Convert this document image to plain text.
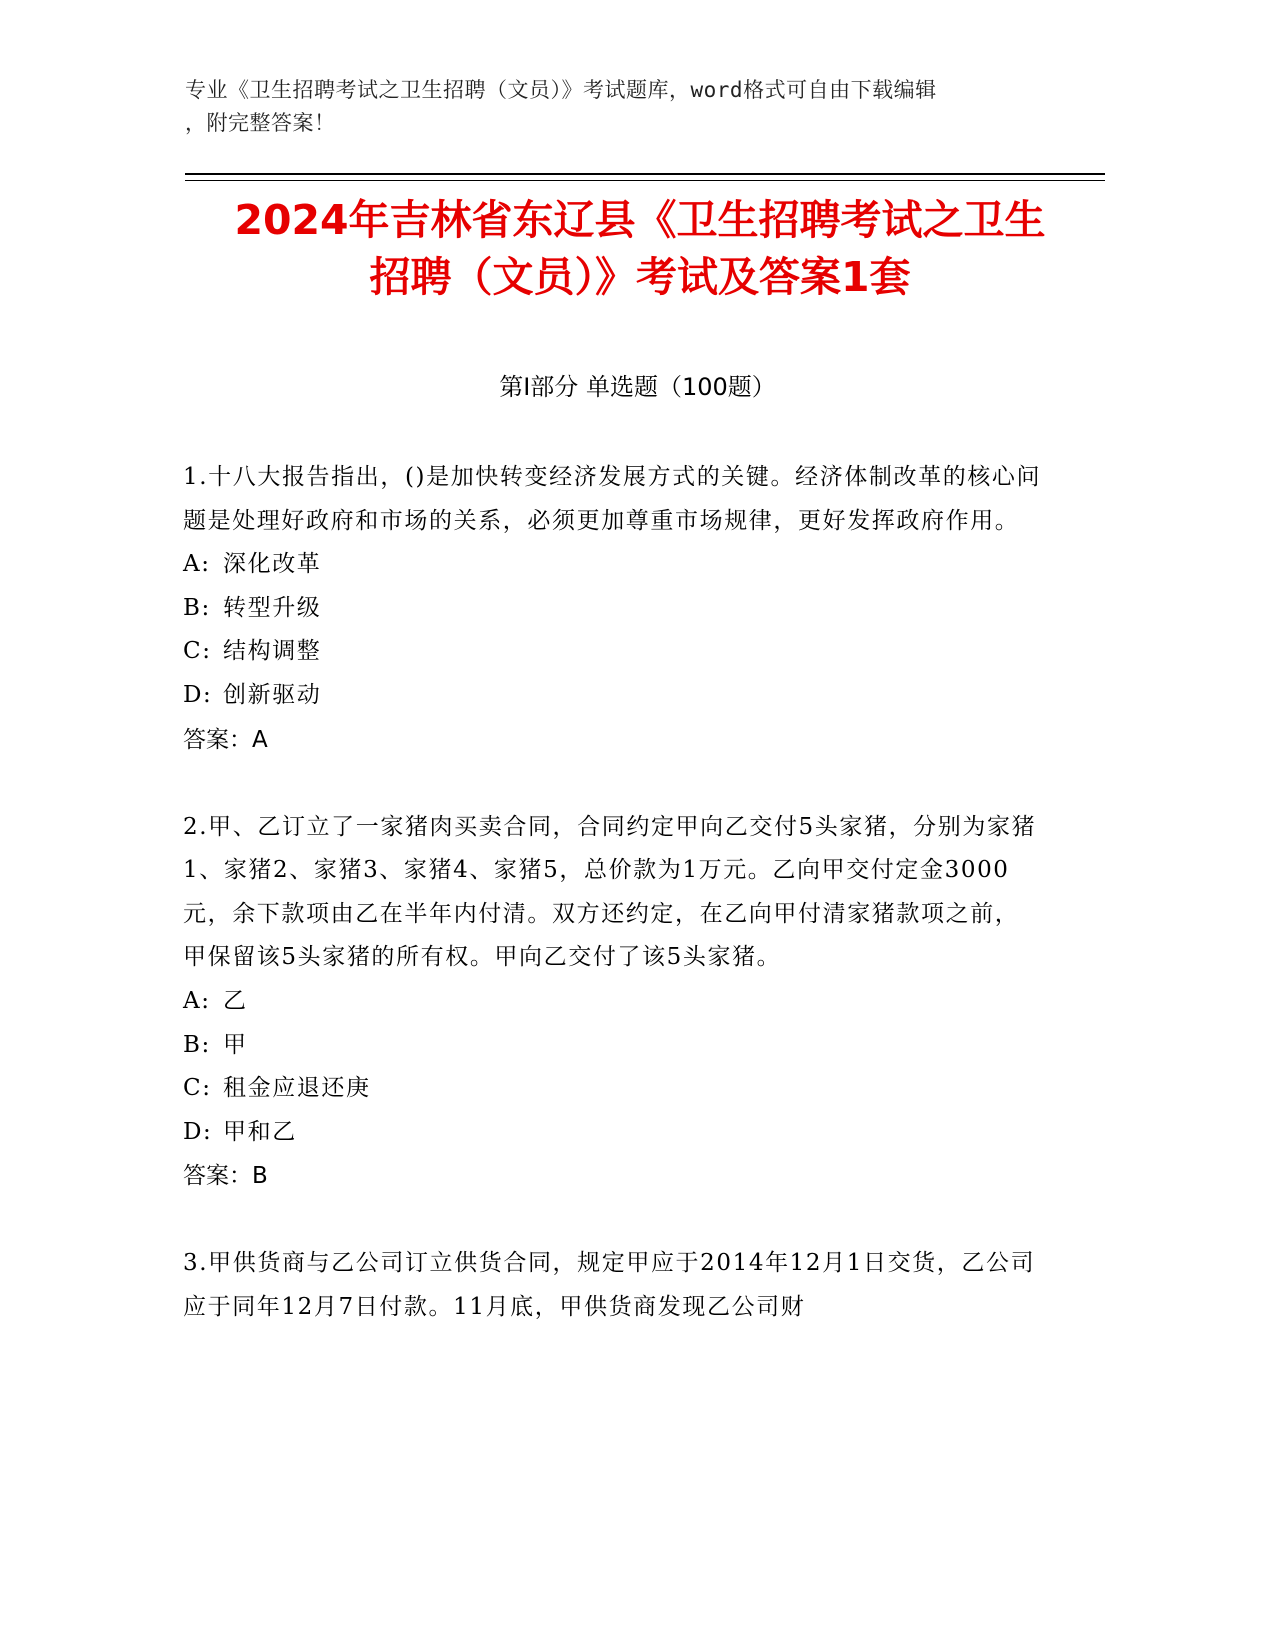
专业《卫生招聘考试之卫生招聘（文员）》考试题库，word格式可自由下载编辑
，附完整答案！
2024年吉林省东辽县《卫生招聘考试之卫生
招聘（文员）》考试及答案1套
第Ⅰ部分 单选题（100题）

1.十八大报告指出，()是加快转变经济发展方式的关键。经济体制改革的核心问题是处理好政府和市场的关系，必须更加尊重市场规律，更好发挥政府作用。

A: 深化改革

B: 转型升级

C: 结构调整

D: 创新驱动

答案：A

2.甲、乙订立了一家猪肉买卖合同，合同约定甲向乙交付5头家猪，分别为家猪1、家猪2、家猪3、家猪4、家猪5，总价款为1万元。乙向甲交付定金3000元，余下款项由乙在半年内付清。双方还约定，在乙向甲付清家猪款项之前，甲保留该5头家猪的所有权。甲向乙交付了该5头家猪。

A: 乙

B: 甲

C: 租金应退还庚

D: 甲和乙

答案：B

3.甲供货商与乙公司订立供货合同，规定甲应于2014年12月1日交货，乙公司应于同年12月7日付款。11月底，甲供货商发现乙公司财
